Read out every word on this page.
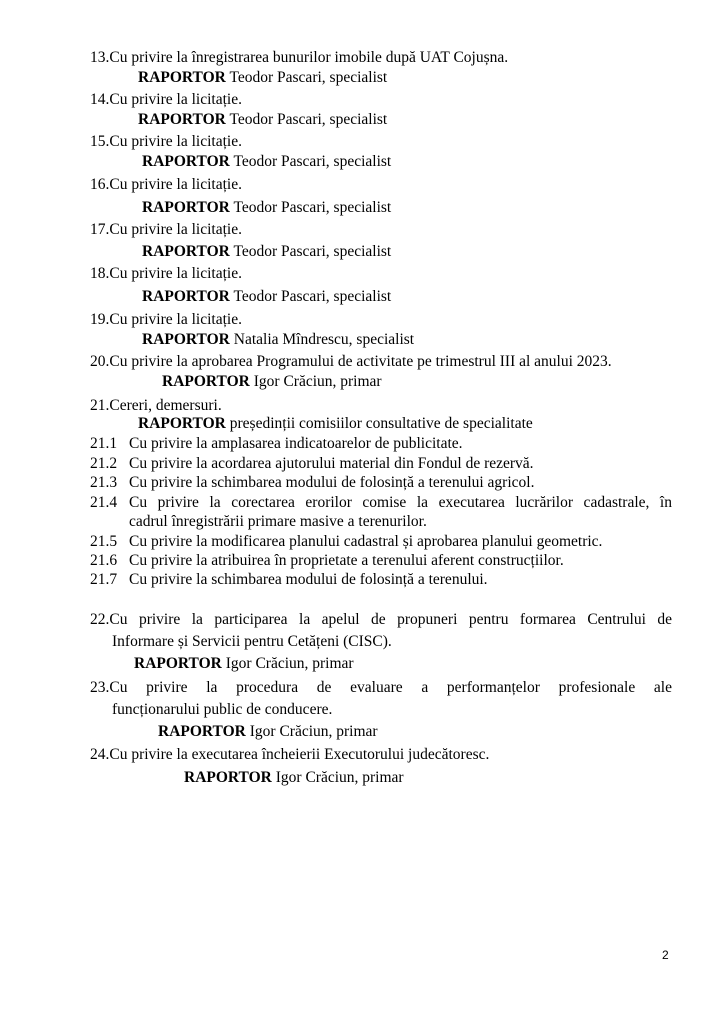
13.Cu privire la înregistrarea bunurilor imobile după UAT Cojușna.
RAPORTOR Teodor Pascari, specialist
14.Cu privire la licitație.
RAPORTOR Teodor Pascari, specialist
15.Cu privire la licitație.
RAPORTOR Teodor Pascari, specialist
16.Cu privire la licitație.
RAPORTOR Teodor Pascari, specialist
17.Cu privire la licitație.
RAPORTOR Teodor Pascari, specialist
18.Cu privire la licitație.
RAPORTOR Teodor Pascari, specialist
19.Cu privire la licitație.
RAPORTOR Natalia Mîndrescu, specialist
20.Cu privire la aprobarea Programului de activitate pe trimestrul III al anului 2023.
RAPORTOR Igor Crăciun, primar
21.Cereri, demersuri.
RAPORTOR președinții comisiilor consultative de specialitate
21.1 Cu privire la amplasarea indicatoarelor de publicitate.
21.2 Cu privire la acordarea ajutorului material din Fondul de rezervă.
21.3 Cu privire la schimbarea modului de folosință a terenului agricol.
21.4 Cu privire la corectarea erorilor comise la executarea lucrărilor cadastrale, în
cadrul înregistrării primare masive a terenurilor.
21.5 Cu privire la modificarea planului cadastral și aprobarea planului geometric.
21.6 Cu privire la atribuirea în proprietate a terenului aferent construcțiilor.
21.7 Cu privire la schimbarea modului de folosință a terenului.
22.Cu privire la participarea la apelul de propuneri pentru formarea Centrului de
Informare și Servicii pentru Cetățeni (CISC).
RAPORTOR Igor Crăciun, primar
23.Cu privire la procedura de evaluare a performanțelor profesionale ale
funcționarului public de conducere.
RAPORTOR Igor Crăciun, primar
24.Cu privire la executarea încheierii Executorului judecătoresc.
RAPORTOR Igor Crăciun, primar
2
